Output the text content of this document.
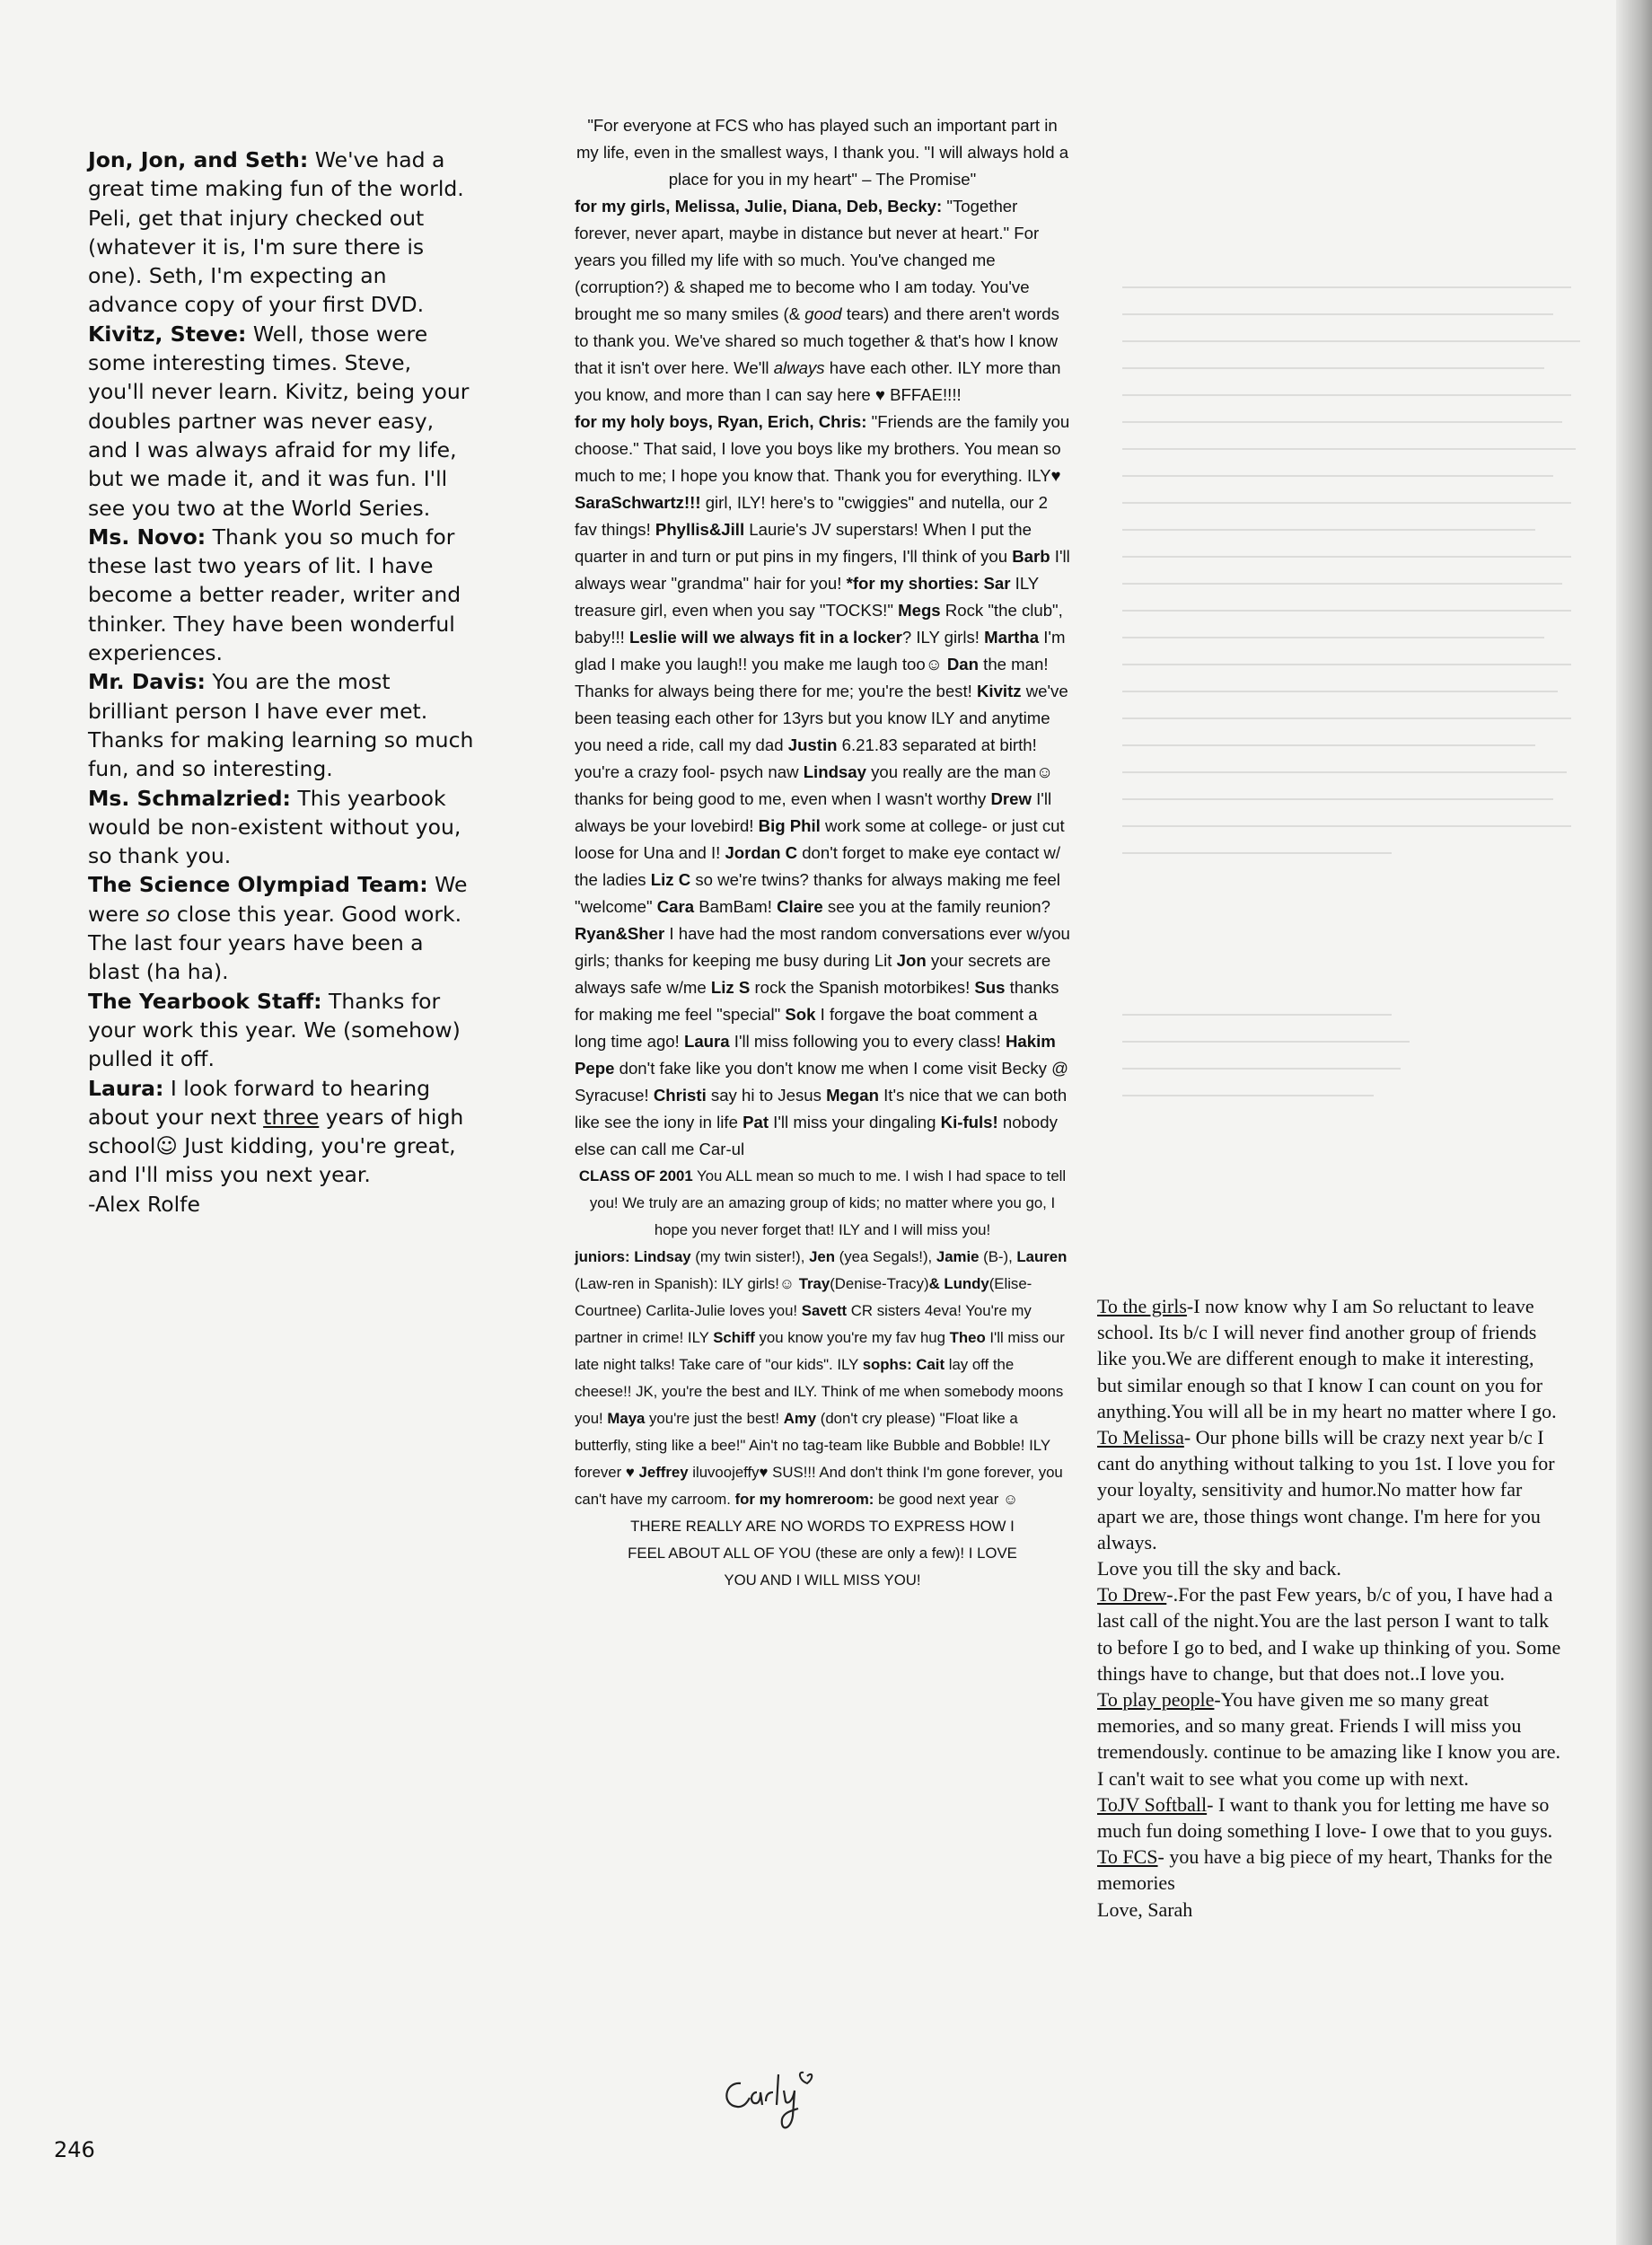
Jon, Jon, and Seth: We've had a great time making fun of the world. Peli, get that injury checked out (whatever it is, I'm sure there is one). Seth, I'm expecting an advance copy of your first DVD.

Kivitz, Steve: Well, those were some interesting times. Steve, you'll never learn. Kivitz, being your doubles partner was never easy, and I was always afraid for my life, but we made it, and it was fun. I'll see you two at the World Series.

Ms. Novo: Thank you so much for these last two years of lit. I have become a better reader, writer and thinker. They have been wonderful experiences.

Mr. Davis: You are the most brilliant person I have ever met. Thanks for making learning so much fun, and so interesting.

Ms. Schmalzried: This yearbook would be non-existent without you, so thank you.

The Science Olympiad Team: We were so close this year. Good work. The last four years have been a blast (ha ha).

The Yearbook Staff: Thanks for your work this year. We (somehow) pulled it off.

Laura: I look forward to hearing about your next three years of high school☺ Just kidding, you're great, and I'll miss you next year.

-Alex Rolfe

"For everyone at FCS who has played such an important part in my life, even in the smallest ways, I thank you. "I will always hold a place for you in my heart" – The Promise"

for my girls, Melissa, Julie, Diana, Deb, Becky: "Together forever, never apart, maybe in distance but never at heart." For years you filled my life with so much. You've changed me (corruption?) & shaped me to become who I am today. You've brought me so many smiles (& good tears) and there aren't words to thank you. We've shared so much together & that's how I know that it isn't over here. We'll always have each other. ILY more than you know, and more than I can say here ♥ BFFAE!!!!

for my holy boys, Ryan, Erich, Chris: "Friends are the family you choose." That said, I love you boys like my brothers. You mean so much to me; I hope you know that. Thank you for everything. ILY♥ SaraSchwartz!!! girl, ILY! here's to "cwiggies" and nutella, our 2 fav things! Phyllis&Jill Laurie's JV superstars! When I put the quarter in and turn or put pins in my fingers, I'll think of you Barb I'll always wear "grandma" hair for you! *for my shorties: Sar ILY treasure girl, even when you say "TOCKS!" Megs Rock "the club", baby!!! Leslie will we always fit in a locker? ILY girls! Martha I'm glad I make you laugh!! you make me laugh too☺ Dan the man! Thanks for always being there for me; you're the best! Kivitz we've been teasing each other for 13yrs but you know ILY and anytime you need a ride, call my dad Justin 6.21.83 separated at birth! you're a crazy fool- psych naw Lindsay you really are the man☺ thanks for being good to me, even when I wasn't worthy Drew I'll always be your lovebird! Big Phil work some at college- or just cut loose for Una and I! Jordan C don't forget to make eye contact w/ the ladies Liz C so we're twins? thanks for always making me feel "welcome" Cara BamBam! Claire see you at the family reunion? Ryan&Sher I have had the most random conversations ever w/you girls; thanks for keeping me busy during Lit Jon your secrets are always safe w/me Liz S rock the Spanish motorbikes! Sus thanks for making me feel "special" Sok I forgave the boat comment a long time ago! Laura I'll miss following you to every class! Hakim Pepe don't fake like you don't know me when I come visit Becky @ Syracuse! Christi say hi to Jesus Megan It's nice that we can both like see the iony in life Pat I'll miss your dingaling Ki-fuls! nobody else can call me Car-ul

CLASS OF 2001 You ALL mean so much to me. I wish I had space to tell you! We truly are an amazing group of kids; no matter where you go, I hope you never forget that! ILY and I will miss you!

juniors: Lindsay (my twin sister!), Jen (yea Segals!), Jamie (B-), Lauren (Law-ren in Spanish): ILY girls!☺ Tray(Denise-Tracy)& Lundy(Elise-Courtnee) Carlita-Julie loves you! Savett CR sisters 4eva! You're my partner in crime! ILY Schiff you know you're my fav hug Theo I'll miss our late night talks! Take care of "our kids". ILY sophs: Cait lay off the cheese!! JK, you're the best and ILY. Think of me when somebody moons you! Maya you're just the best! Amy (don't cry please) "Float like a butterfly, sting like a bee!" Ain't no tag-team like Bubble and Bobble! ILY forever ♥ Jeffrey iluvoojeffy♥ SUS!!! And don't think I'm gone forever, you can't have my carroom. for my homreroom: be good next year ☺

THERE REALLY ARE NO WORDS TO EXPRESS HOW I FEEL ABOUT ALL OF YOU (these are only a few)! I LOVE YOU AND I WILL MISS YOU!

To the girls-I now know why I am So reluctant to leave school. Its b/c I will never find another group of friends like you.We are different enough to make it interesting, but similar enough so that I know I can count on you for anything.You will all be in my heart no matter where I go.

To Melissa- Our phone bills will be crazy next year b/c I cant do anything without talking to you 1st. I love you for your loyalty, sensitivity and humor.No matter how far apart we are, those things wont change. I'm here for you always.

Love you till the sky and back.

To Drew-.For the past Few years, b/c of you, I have had a last call of the night.You are the last person I want to talk to before I go to bed, and I wake up thinking of you. Some things have to change, but that does not..I love you.

To play people-You have given me so many great memories, and so many great. Friends I will miss you tremendously. continue to be amazing like I know you are. I can't wait to see what you come up with next.

ToJV Softball- I want to thank you for letting me have so much fun doing something I love- I owe that to you guys.

To FCS- you have a big piece of my heart, Thanks for the memories

Love, Sarah

246
